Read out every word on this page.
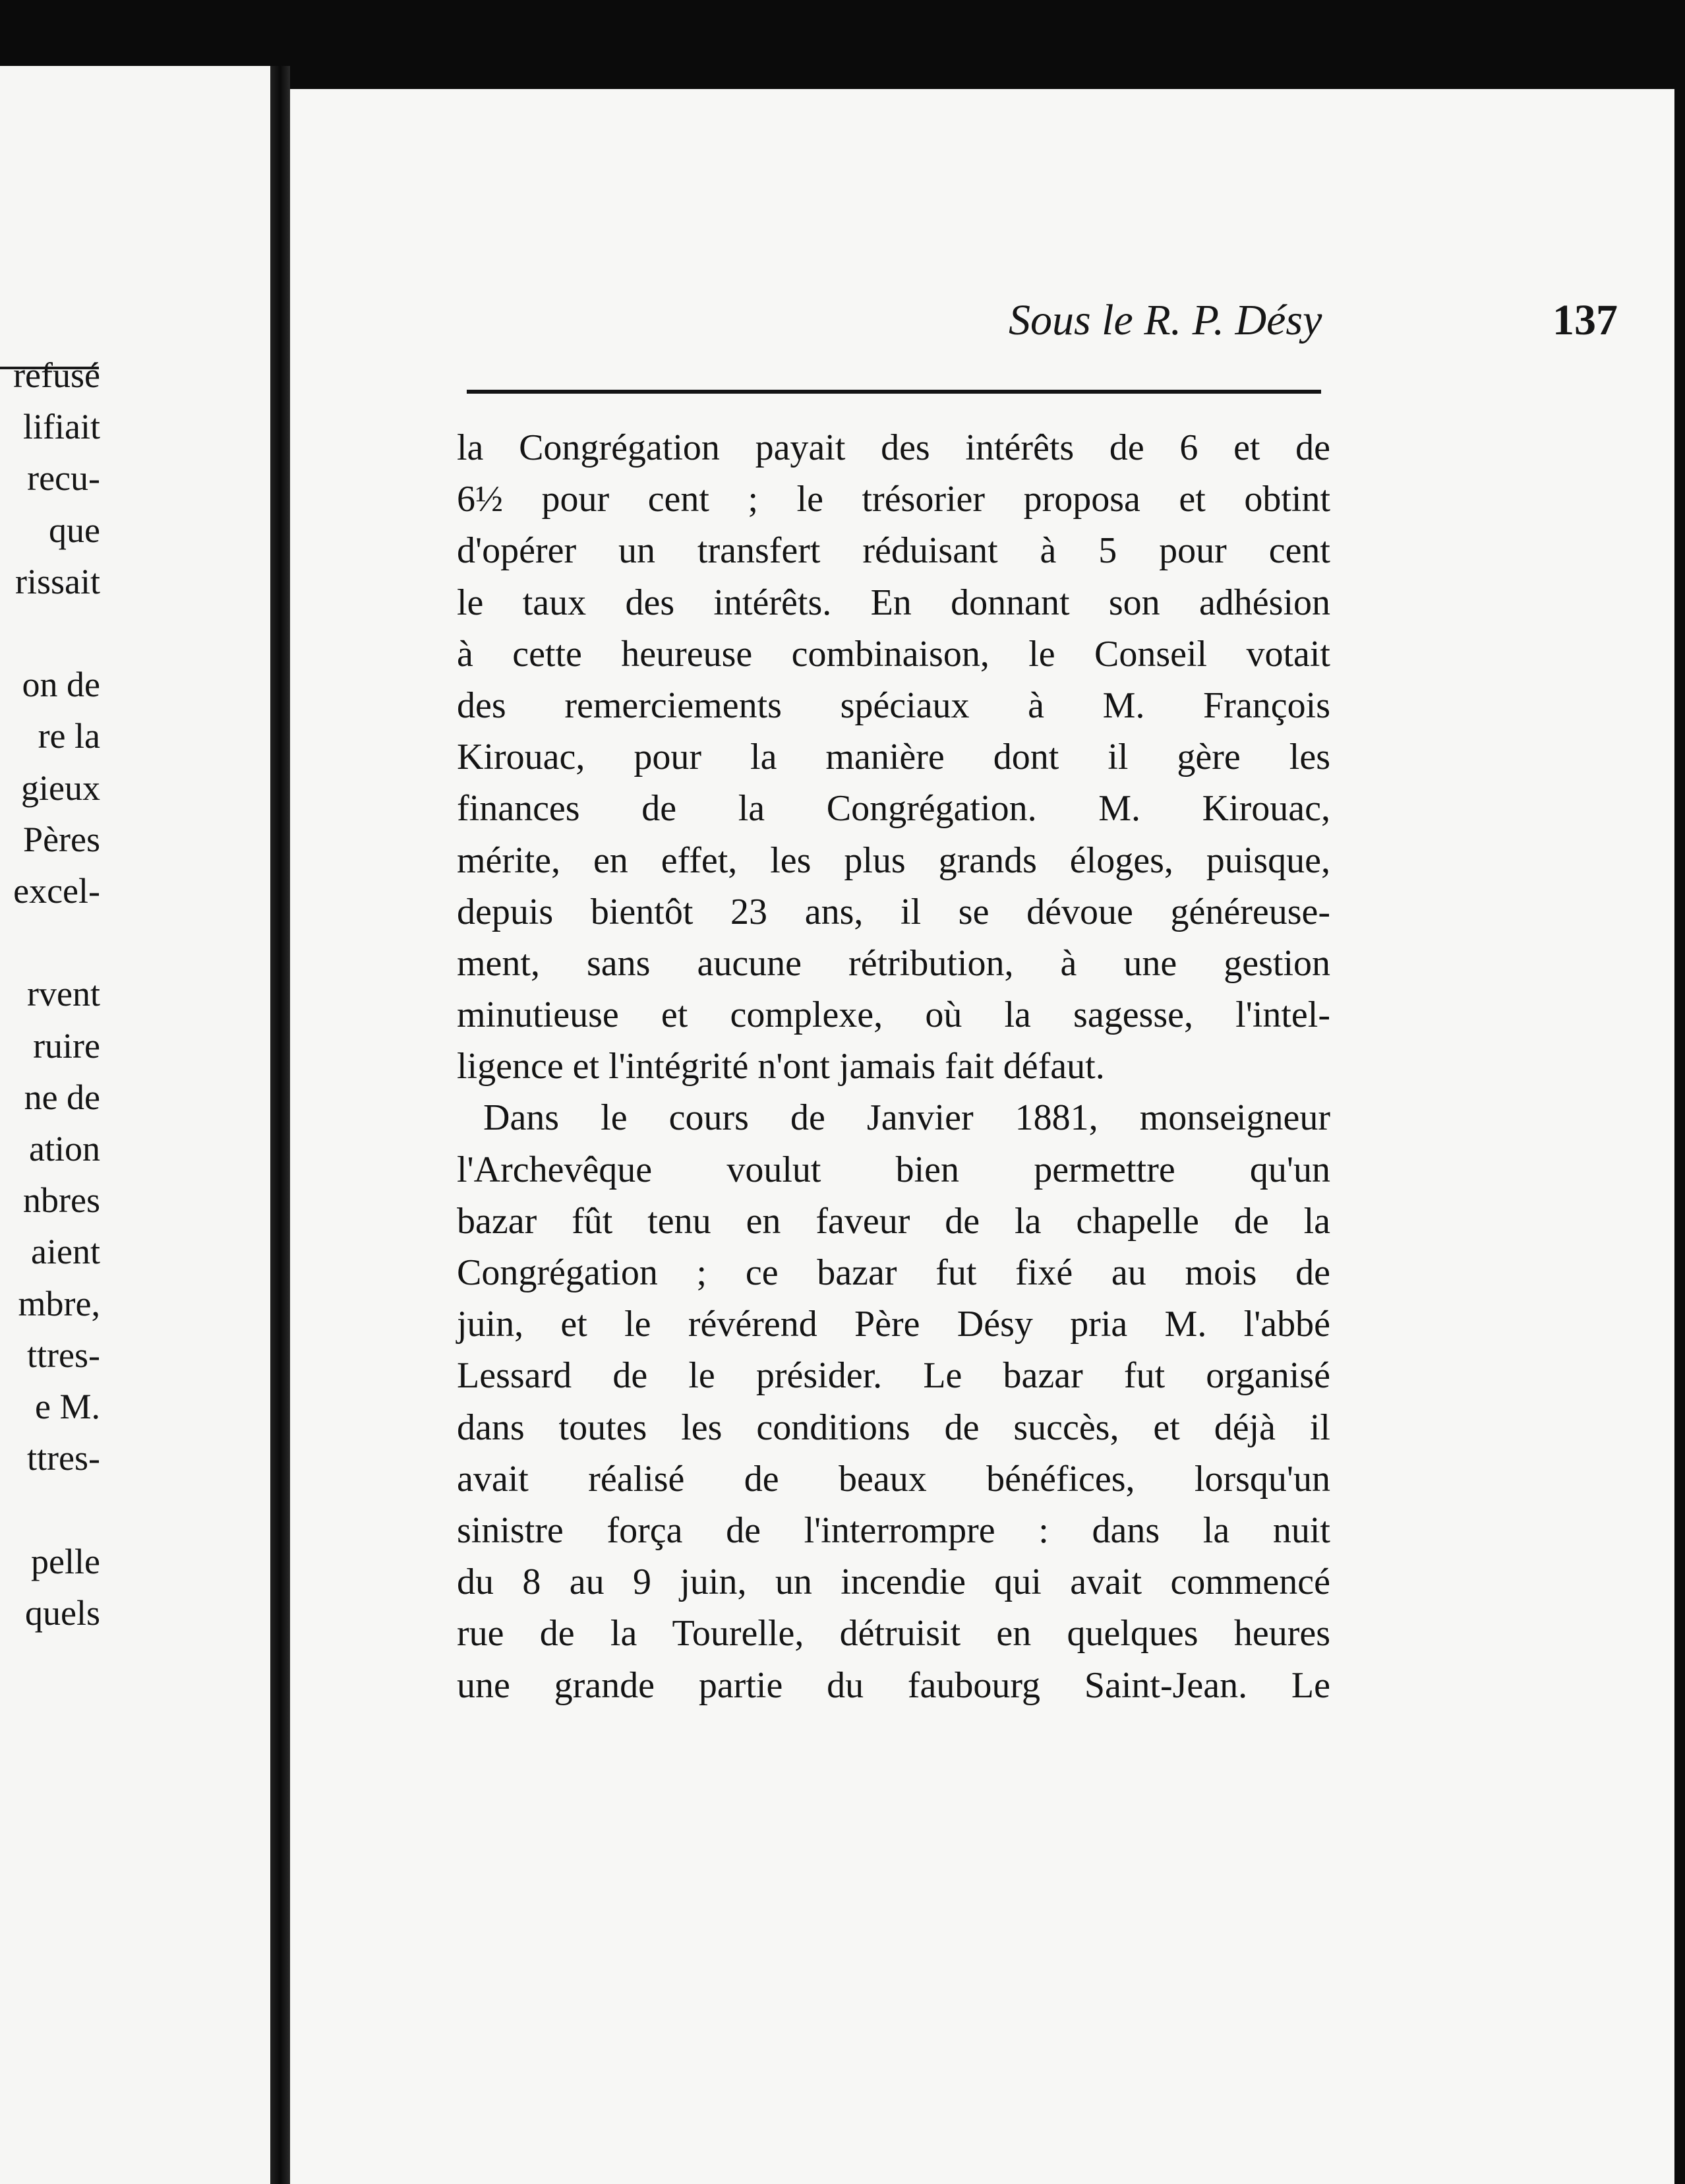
refusé
lifiait
recu-
que
rissait
on de
re la
gieux
Pères
excel-
rvent
ruire
ne de
ation
nbres
aient
mbre,
ttres-
e M.
ttres-
pelle
quels
Sous le R. P. Désy	137
la Congrégation payait des intérêts de 6 et de
6½ pour cent ; le trésorier proposa et obtint
d'opérer un transfert réduisant à 5 pour cent
le taux des intérêts. En donnant son adhésion
à cette heureuse combinaison, le Conseil votait
des remerciements spéciaux à M. François
Kirouac, pour la manière dont il gère les
finances de la Congrégation. M. Kirouac,
mérite, en effet, les plus grands éloges, puisque,
depuis bientôt 23 ans, il se dévoue généreuse-
ment, sans aucune rétribution, à une gestion
minutieuse et complexe, où la sagesse, l'intel-
ligence et l'intégrité n'ont jamais fait défaut.
Dans le cours de Janvier 1881, monseigneur
l'Archevêque voulut bien permettre qu'un
bazar fût tenu en faveur de la chapelle de la
Congrégation ; ce bazar fut fixé au mois de
juin, et le révérend Père Désy pria M. l'abbé
Lessard de le présider. Le bazar fut organisé
dans toutes les conditions de succès, et déjà il
avait réalisé de beaux bénéfices, lorsqu'un
sinistre força de l'interrompre : dans la nuit
du 8 au 9 juin, un incendie qui avait commencé
rue de la Tourelle, détruisit en quelques heures
une grande partie du faubourg Saint-Jean. Le
